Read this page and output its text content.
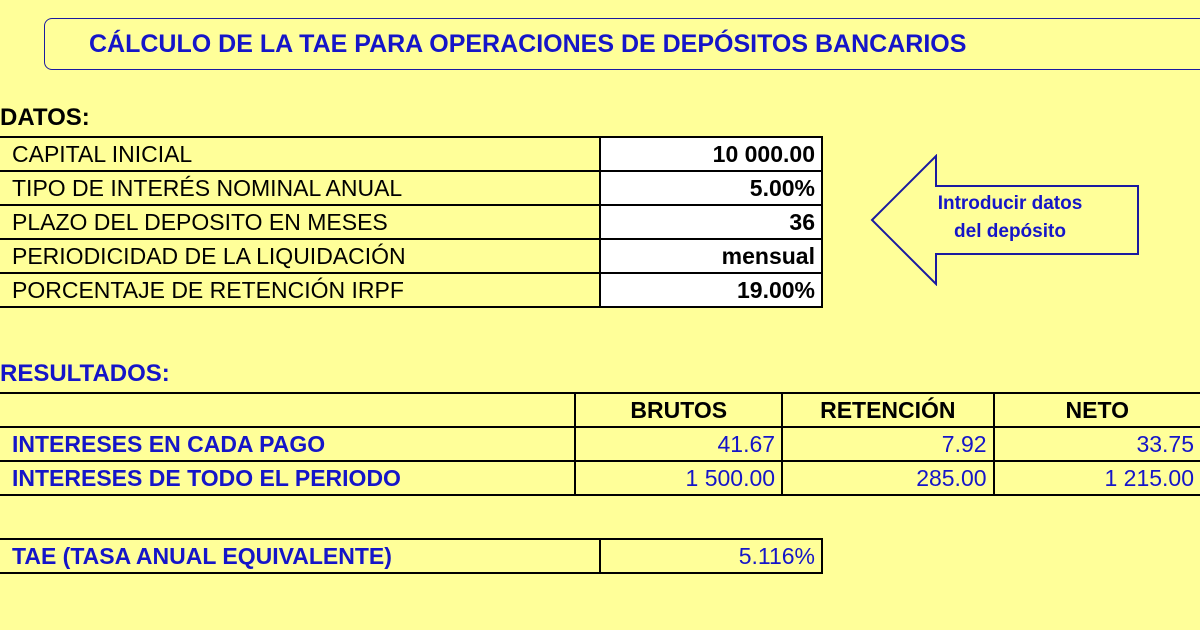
CÁLCULO DE LA TAE PARA OPERACIONES DE DEPÓSITOS BANCARIOS
DATOS:
CAPITAL INICIAL	10 000.00
TIPO DE INTERÉS NOMINAL ANUAL	5.00%
PLAZO DEL DEPOSITO EN MESES	36
PERIODICIDAD DE LA LIQUIDACIÓN	mensual
PORCENTAJE DE RETENCIÓN IRPF	19.00%
Introducir datos
del depósito
RESULTADOS:
	BRUTOS	RETENCIÓN	NETO
INTERESES EN CADA PAGO	41.67	7.92	33.75
INTERESES DE TODO EL PERIODO	1 500.00	285.00	1 215.00
TAE (TASA ANUAL EQUIVALENTE)	5.116%
